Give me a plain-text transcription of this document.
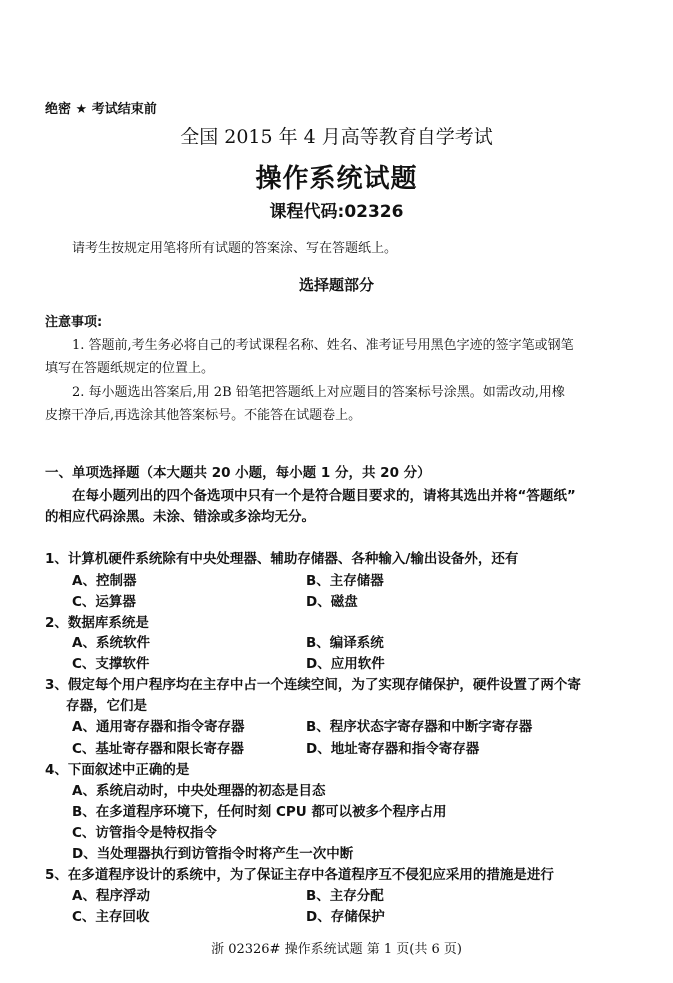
绝密 ★ 考试结束前
全国 2015 年 4 月高等教育自学考试
操作系统试题
课程代码:02326
请考生按规定用笔将所有试题的答案涂、写在答题纸上。
选择题部分
注意事项:
1. 答题前,考生务必将自己的考试课程名称、姓名、准考证号用黑色字迹的签字笔或钢笔
填写在答题纸规定的位置上。
2. 每小题选出答案后,用 2B 铅笔把答题纸上对应题目的答案标号涂黑。如需改动,用橡
皮擦干净后,再选涂其他答案标号。不能答在试题卷上。
一、单项选择题（本大题共 20 小题，每小题 1 分，共 20 分）
在每小题列出的四个备选项中只有一个是符合题目要求的，请将其选出并将“答题纸”
的相应代码涂黑。未涂、错涂或多涂均无分。
1、计算机硬件系统除有中央处理器、辅助存储器、各种输入/输出设备外，还有
A、控制器	B、主存储器
C、运算器	D、磁盘
2、数据库系统是
A、系统软件	B、编译系统
C、支撑软件	D、应用软件
3、假定每个用户程序均在主存中占一个连续空间，为了实现存储保护，硬件设置了两个寄
存器，它们是
A、通用寄存器和指令寄存器	B、程序状态字寄存器和中断字寄存器
C、基址寄存器和限长寄存器	D、地址寄存器和指令寄存器
4、下面叙述中正确的是
A、系统启动时，中央处理器的初态是目态
B、在多道程序环境下，任何时刻 CPU 都可以被多个程序占用
C、访管指令是特权指令
D、当处理器执行到访管指令时将产生一次中断
5、在多道程序设计的系统中，为了保证主存中各道程序互不侵犯应采用的措施是进行
A、程序浮动	B、主存分配
C、主存回收	D、存储保护
浙 02326# 操作系统试题 第 1 页(共 6 页)
